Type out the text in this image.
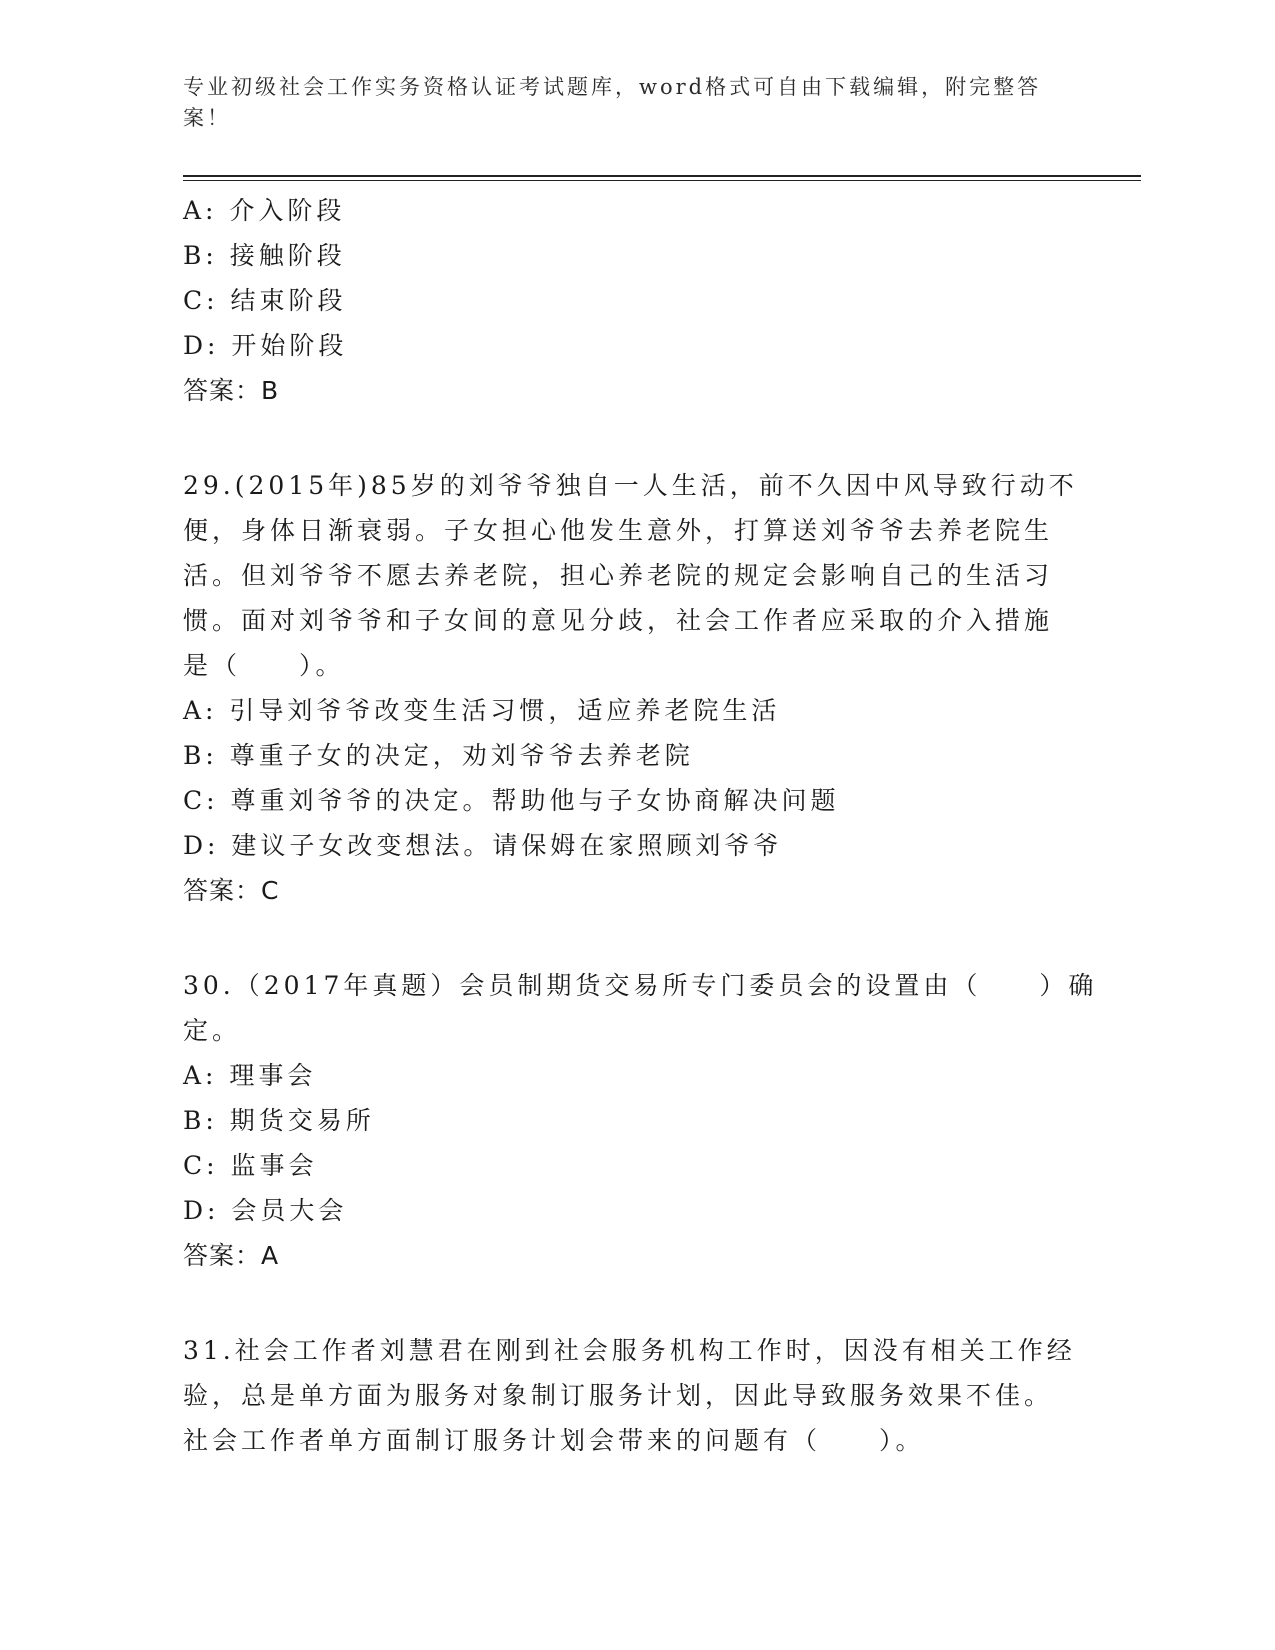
专业初级社会工作实务资格认证考试题库，word格式可自由下载编辑，附完整答
案！
A: 介入阶段
B: 接触阶段
C: 结束阶段
D: 开始阶段
答案：B
29.(2015年)85岁的刘爷爷独自一人生活，前不久因中风导致行动不
便，身体日渐衰弱。子女担心他发生意外，打算送刘爷爷去养老院生
活。但刘爷爷不愿去养老院，担心养老院的规定会影响自己的生活习
惯。面对刘爷爷和子女间的意见分歧，社会工作者应采取的介入措施
是（　　）。
A: 引导刘爷爷改变生活习惯，适应养老院生活
B: 尊重子女的决定，劝刘爷爷去养老院
C: 尊重刘爷爷的决定。帮助他与子女协商解决问题
D: 建议子女改变想法。请保姆在家照顾刘爷爷
答案：C
30.（2017年真题）会员制期货交易所专门委员会的设置由（　　）确
定。
A: 理事会
B: 期货交易所
C: 监事会
D: 会员大会
答案：A
31.社会工作者刘慧君在刚到社会服务机构工作时，因没有相关工作经
验，总是单方面为服务对象制订服务计划，因此导致服务效果不佳。
社会工作者单方面制订服务计划会带来的问题有（　　）。
